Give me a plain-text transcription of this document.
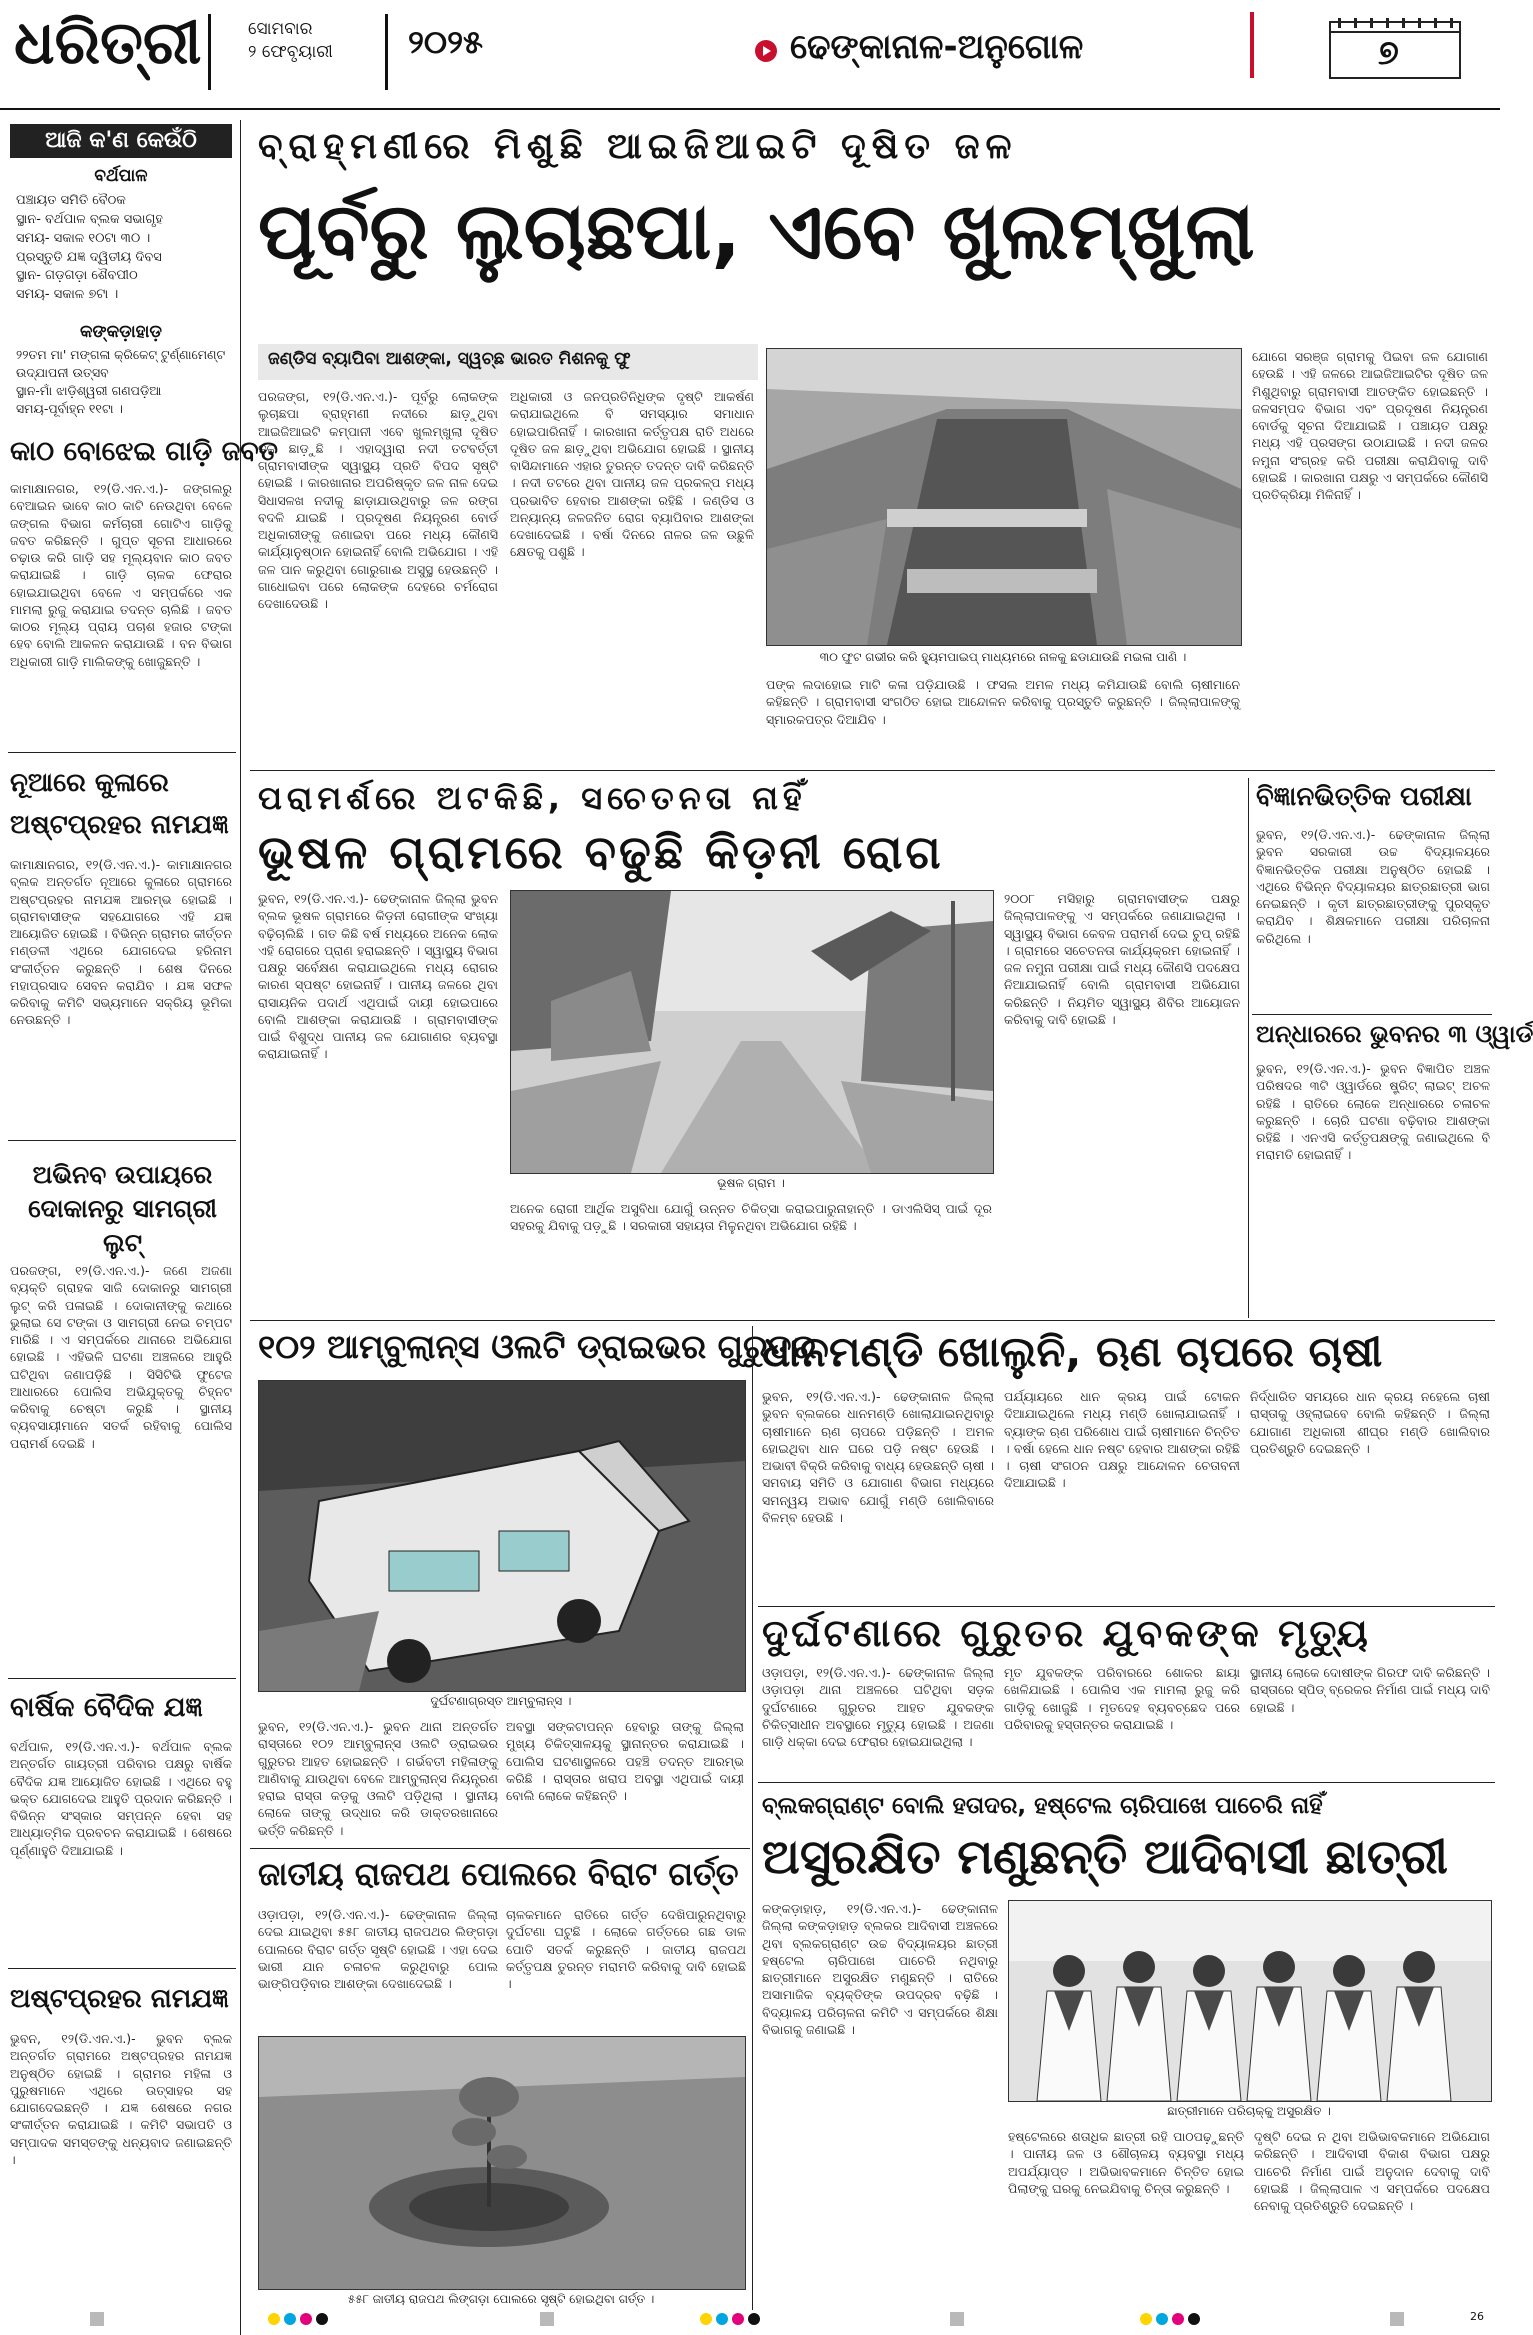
ଧରିତ୍ରୀ	ସୋମବାର
୨ ଫେବୃୟାରୀ ୨୦୨୫	ଢେଙ୍କାନାଳ-ଅନୁଗୋଳ	୭
ଆଜି କ'ଣ କେଉଁଠି
ବର୍ଥପାଳ
ପଞ୍ଚାୟତ ସମିତି ବୈଠକ
ସ୍ଥାନ- ବର୍ଥପାଳ ବ୍ଲକ ସଭାଗୃହ
ସମୟ- ସକାଳ ୧୦ଟା ୩୦ ।
ପ୍ରସ୍ତୁତି ଯଜ୍ଞ ଦ୍ୱିତୀୟ ଦିବସ
ସ୍ଥାନ- ଗଡ଼ଗଡ଼ା ଶୈବପୀଠ
ସମୟ- ସକାଳ ୭ଟା ।
କଙ୍କଡ଼ାହାଡ଼
୨୨ତମ ମା' ମଙ୍ଗଳା କ୍ରିକେଟ୍ ଟୁର୍ଣ୍ଣାମେଣ୍ଟ
ଉଦ୍ଯାପନୀ ଉତ୍ସବ
ସ୍ଥାନ-ମାଁ ଝାଡ଼ିଶ୍ୱରୀ ଗଣପଡ଼ିଆ
ସମୟ-ପୂର୍ବାହ୍ନ ୧୧ଟା ।
କାଠ ବୋଝେଇ ଗାଡ଼ି ଜବତ
କାମାକ୍ଷାନଗର, ୧୨(ଡି.ଏନ.ଏ.)- ଜଙ୍ଗଲରୁ ବେଆଇନ ଭାବେ କାଠ କାଟି ନେଉଥିବା ବେଳେ ଜଙ୍ଗଲ ବିଭାଗ କର୍ମଚାରୀ ଗୋଟିଏ ଗାଡ଼ିକୁ ଜବତ କରିଛନ୍ତି । ଗୁପ୍ତ ସୂଚନା ଆଧାରରେ ଚଢ଼ାଉ କରି ଗାଡ଼ି ସହ ମୂଲ୍ୟବାନ କାଠ ଜବତ କରାଯାଇଛି । ଗାଡ଼ି ଚାଳକ ଫେରାର ହୋଇଯାଇଥିବା ବେଳେ ଏ ସମ୍ପର୍କରେ ଏକ ମାମଲା ରୁଜୁ କରାଯାଇ ତଦନ୍ତ ଚାଲିଛି । ଜବତ କାଠର ମୂଲ୍ୟ ପ୍ରାୟ ପଚାଶ ହଜାର ଟଙ୍କା ହେବ ବୋଲି ଆକଳନ କରାଯାଉଛି । ବନ ବିଭାଗ ଅଧିକାରୀ ଗାଡ଼ି ମାଲିକଙ୍କୁ ଖୋଜୁଛନ୍ତି ।
ନୂଆରେ କୁଳାରେ
ଅଷ୍ଟପ୍ରହର ନାମଯଜ୍ଞ
କାମାକ୍ଷାନଗର, ୧୨(ଡି.ଏନ.ଏ.)- କାମାକ୍ଷାନଗର ବ୍ଲକ ଅନ୍ତର୍ଗତ ନୂଆରେ କୁଳାରେ ଗ୍ରାମରେ ଅଷ୍ଟପ୍ରହର ନାମଯଜ୍ଞ ଆରମ୍ଭ ହୋଇଛି । ଗ୍ରାମବାସୀଙ୍କ ସହଯୋଗରେ ଏହି ଯଜ୍ଞ ଆୟୋଜିତ ହୋଇଛି । ବିଭିନ୍ନ ଗ୍ରାମର କୀର୍ତ୍ତନ ମଣ୍ଡଳୀ ଏଥିରେ ଯୋଗଦେଇ ହରିନାମ ସଂକୀର୍ତ୍ତନ କରୁଛନ୍ତି । ଶେଷ ଦିନରେ ମହାପ୍ରସାଦ ସେବନ କରାଯିବ । ଯଜ୍ଞ ସଫଳ କରିବାକୁ କମିଟି ସଭ୍ୟମାନେ ସକ୍ରିୟ ଭୂମିକା ନେଉଛନ୍ତି ।
ଅଭିନବ ଉପାୟରେ ଦୋକାନରୁ ସାମଗ୍ରୀ ଲୁଟ୍
ପରଜଙ୍ଗ, ୧୨(ଡି.ଏନ.ଏ.)- ଜଣେ ଅଜଣା ବ୍ୟକ୍ତି ଗ୍ରାହକ ସାଜି ଦୋକାନରୁ ସାମଗ୍ରୀ ଲୁଟ୍ କରି ପଳାଇଛି । ଦୋକାନୀଙ୍କୁ କଥାରେ ଭୁଲାଇ ସେ ଟଙ୍କା ଓ ସାମଗ୍ରୀ ନେଇ ଚମ୍ପଟ ମାରିଛି । ଏ ସମ୍ପର୍କରେ ଥାନାରେ ଅଭିଯୋଗ ହୋଇଛି । ଏହିଭଳି ଘଟଣା ଅଞ୍ଚଳରେ ଆହୁରି ଘଟିଥିବା ଜଣାପଡ଼ିଛି । ସିସିଟିଭି ଫୁଟେଜ ଆଧାରରେ ପୋଲିସ ଅଭିଯୁକ୍ତକୁ ଚିହ୍ନଟ କରିବାକୁ ଚେଷ୍ଟା କରୁଛି । ସ୍ଥାନୀୟ ବ୍ୟବସାୟୀମାନେ ସତର୍କ ରହିବାକୁ ପୋଲିସ ପରାମର୍ଶ ଦେଇଛି ।
ବାର୍ଷିକ ବୈଦିକ ଯଜ୍ଞ
ବର୍ଥପାଳ, ୧୨(ଡି.ଏନ.ଏ.)- ବର୍ଥପାଳ ବ୍ଲକ ଅନ୍ତର୍ଗତ ଗାୟତ୍ରୀ ପରିବାର ପକ୍ଷରୁ ବାର୍ଷିକ ବୈଦିକ ଯଜ୍ଞ ଆୟୋଜିତ ହୋଇଛି । ଏଥିରେ ବହୁ ଭକ୍ତ ଯୋଗଦେଇ ଆହୁତି ପ୍ରଦାନ କରିଛନ୍ତି । ବିଭିନ୍ନ ସଂସ୍କାର ସମ୍ପନ୍ନ ହେବା ସହ ଆଧ୍ୟାତ୍ମିକ ପ୍ରବଚନ କରାଯାଇଛି । ଶେଷରେ ପୂର୍ଣ୍ଣାହୁତି ଦିଆଯାଇଛି ।
ଅଷ୍ଟପ୍ରହର ନାମଯଜ୍ଞ
ଭୁବନ, ୧୨(ଡି.ଏନ.ଏ.)- ଭୁବନ ବ୍ଲକ ଅନ୍ତର୍ଗତ ଗ୍ରାମରେ ଅଷ୍ଟପ୍ରହର ନାମଯଜ୍ଞ ଅନୁଷ୍ଠିତ ହୋଇଛି । ଗ୍ରାମର ମହିଳା ଓ ପୁରୁଷମାନେ ଏଥିରେ ଉତ୍ସାହର ସହ ଯୋଗଦେଇଛନ୍ତି । ଯଜ୍ଞ ଶେଷରେ ନଗର ସଂକୀର୍ତ୍ତନ କରାଯାଇଛି । କମିଟି ସଭାପତି ଓ ସମ୍ପାଦକ ସମସ୍ତଙ୍କୁ ଧନ୍ୟବାଦ ଜଣାଇଛନ୍ତି ।
ବ୍ରାହ୍ମଣୀରେ ମିଶୁଛି ଆଇଜିଆଇଟି ଦୂଷିତ ଜଳ
ପୂର୍ବରୁ ଲୁଚାଛପା, ଏବେ ଖୁଲମ୍‌ଖୁଲା
ଜଣ୍ଡିସ ବ୍ୟାପିବା ଆଶଙ୍କା, ସ୍ୱଚ୍ଛ ଭାରତ ମିଶନକୁ ଫୁ
ପରଜଙ୍ଗ, ୧୨(ଡି.ଏନ.ଏ.)- ପୂର୍ବରୁ ଲୋକଙ୍କ ଲୁଚାଛପା ବ୍ରାହ୍ମଣୀ ନଦୀରେ ଛାଡ଼ୁଥିବା ଆଇଜିଆଇଟି କମ୍ପାନୀ ଏବେ ଖୁଲମ୍‌ଖୁଲା ଦୂଷିତ ଜଳ ଛାଡ଼ୁଛି । ଏହାଦ୍ୱାରା ନଦୀ ତଟବର୍ତ୍ତୀ ଗ୍ରାମବାସୀଙ୍କ ସ୍ୱାସ୍ଥ୍ୟ ପ୍ରତି ବିପଦ ସୃଷ୍ଟି ହୋଇଛି । କାରଖାନାର ଅପରିଷ୍କୃତ ଜଳ ନାଳ ଦେଇ ସିଧାସଳଖ ନଦୀକୁ ଛାଡ଼ାଯାଉଥିବାରୁ ଜଳ ରଙ୍ଗ ବଦଳି ଯାଇଛି । ପ୍ରଦୂଷଣ ନିୟନ୍ତ୍ରଣ ବୋର୍ଡ ଅଧିକାରୀଙ୍କୁ ଜଣାଇବା ପରେ ମଧ୍ୟ କୌଣସି କାର୍ଯ୍ୟାନୁଷ୍ଠାନ ହୋଇନାହିଁ ବୋଲି ଅଭିଯୋଗ । ଏହି ଜଳ ପାନ କରୁଥିବା ଗୋରୁଗାଈ ଅସୁସ୍ଥ ହେଉଛନ୍ତି । ଗାଧୋଇବା ପରେ ଲୋକଙ୍କ ଦେହରେ ଚର୍ମରୋଗ ଦେଖାଦେଉଛି ।
ଅଧିକାରୀ ଓ ଜନପ୍ରତିନିଧିଙ୍କ ଦୃଷ୍ଟି ଆକର୍ଷଣ କରାଯାଇଥିଲେ ବି ସମସ୍ୟାର ସମାଧାନ ହୋଇପାରିନାହିଁ । କାରଖାନା କର୍ତ୍ତୃପକ୍ଷ ରାତି ଅଧରେ ଦୂଷିତ ଜଳ ଛାଡ଼ୁଥିବା ଅଭିଯୋଗ ହୋଇଛି । ସ୍ଥାନୀୟ ବାସିନ୍ଦାମାନେ ଏହାର ତୁରନ୍ତ ତଦନ୍ତ ଦାବି କରିଛନ୍ତି । ନଦୀ ତଟରେ ଥିବା ପାନୀୟ ଜଳ ପ୍ରକଳ୍ପ ମଧ୍ୟ ପ୍ରଭାବିତ ହେବାର ଆଶଙ୍କା ରହିଛି । ଜଣ୍ଡିସ ଓ ଅନ୍ୟାନ୍ୟ ଜଳଜନିତ ରୋଗ ବ୍ୟାପିବାର ଆଶଙ୍କା ଦେଖାଦେଇଛି । ବର୍ଷା ଦିନରେ ନାଳର ଜଳ ଉଛୁଳି କ୍ଷେତକୁ ପଶୁଛି ।
୩୦ ଫୁଟ ଗଭୀର କରି ହ୍ୟୁମପାଇପ୍ ମାଧ୍ୟମରେ ନାଳକୁ ଛଡାଯାଉଛି ମଇଳା ପାଣି ।
ପଙ୍କ ଲଦାହୋଇ ମାଟି କଳା ପଡ଼ିଯାଉଛି । ଫସଲ ଅମଳ ମଧ୍ୟ କମିଯାଉଛି ବୋଲି ଚାଷୀମାନେ କହିଛନ୍ତି । ଗ୍ରାମବାସୀ ସଂଗଠିତ ହୋଇ ଆନ୍ଦୋଳନ କରିବାକୁ ପ୍ରସ୍ତୁତି କରୁଛନ୍ତି । ଜିଲ୍ଲାପାଳଙ୍କୁ ସ୍ମାରକପତ୍ର ଦିଆଯିବ ।
ଯୋଗେ ସରଞ୍ଜ ଗ୍ରାମକୁ ପିଇବା ଜଳ ଯୋଗାଣ ହେଉଛି । ଏହି ଜଳରେ ଆଇଜିଆଇଟିର ଦୂଷିତ ଜଳ ମିଶୁଥିବାରୁ ଗ୍ରାମବାସୀ ଆତଙ୍କିତ ହୋଇଛନ୍ତି । ଜଳସମ୍ପଦ ବିଭାଗ ଏବଂ ପ୍ରଦୂଷଣ ନିୟନ୍ତ୍ରଣ ବୋର୍ଡକୁ ସୂଚନା ଦିଆଯାଇଛି । ପଞ୍ଚାୟତ ପକ୍ଷରୁ ମଧ୍ୟ ଏହି ପ୍ରସଙ୍ଗ ଉଠାଯାଇଛି । ନଦୀ ଜଳର ନମୁନା ସଂଗ୍ରହ କରି ପରୀକ୍ଷା କରାଯିବାକୁ ଦାବି ହୋଇଛି । କାରଖାନା ପକ୍ଷରୁ ଏ ସମ୍ପର୍କରେ କୌଣସି ପ୍ରତିକ୍ରିୟା ମିଳିନାହିଁ ।
ପରାମର୍ଶରେ ଅଟକିଛି, ସଚେତନତା ନାହିଁ
ଭୂଷଳ ଗ୍ରାମରେ ବଢୁଛି କିଡ଼ନୀ ରୋଗ
ଭୁବନ, ୧୨(ଡି.ଏନ.ଏ.)- ଢେଙ୍କାନାଳ ଜିଲ୍ଲା ଭୁବନ ବ୍ଲକ ଭୂଷଳ ଗ୍ରାମରେ କିଡ଼ନୀ ରୋଗୀଙ୍କ ସଂଖ୍ୟା ବଢ଼ିଚାଲିଛି । ଗତ କିଛି ବର୍ଷ ମଧ୍ୟରେ ଅନେକ ଲୋକ ଏହି ରୋଗରେ ପ୍ରାଣ ହରାଇଛନ୍ତି । ସ୍ୱାସ୍ଥ୍ୟ ବିଭାଗ ପକ୍ଷରୁ ସର୍ବେକ୍ଷଣ କରାଯାଇଥିଲେ ମଧ୍ୟ ରୋଗର କାରଣ ସ୍ପଷ୍ଟ ହୋଇନାହିଁ । ପାନୀୟ ଜଳରେ ଥିବା ରାସାୟନିକ ପଦାର୍ଥ ଏଥିପାଇଁ ଦାୟୀ ହୋଇପାରେ ବୋଲି ଆଶଙ୍କା କରାଯାଉଛି । ଗ୍ରାମବାସୀଙ୍କ ପାଇଁ ବିଶୁଦ୍ଧ ପାନୀୟ ଜଳ ଯୋଗାଣର ବ୍ୟବସ୍ଥା କରାଯାଇନାହିଁ ।
ଭୂଷଳ ଗ୍ରାମ ।
ଅନେକ ରୋଗୀ ଆର୍ଥିକ ଅସୁବିଧା ଯୋଗୁଁ ଉନ୍ନତ ଚିକିତ୍ସା କରାଇପାରୁନାହାନ୍ତି । ଡାଏଲିସିସ୍ ପାଇଁ ଦୂର ସହରକୁ ଯିବାକୁ ପଡ଼ୁଛି । ସରକାରୀ ସହାୟତା ମିଳୁନଥିବା ଅଭିଯୋଗ ରହିଛି ।
୨୦୦୮ ମସିହାରୁ ଗ୍ରାମବାସୀଙ୍କ ପକ୍ଷରୁ ଜିଲ୍ଲାପାଳଙ୍କୁ ଏ ସମ୍ପର୍କରେ ଜଣାଯାଇଥିଲା । ସ୍ୱାସ୍ଥ୍ୟ ବିଭାଗ କେବଳ ପରାମର୍ଶ ଦେଇ ଚୁପ୍ ରହିଛି । ଗ୍ରାମରେ ସଚେତନତା କାର୍ଯ୍ୟକ୍ରମ ହୋଇନାହିଁ । ଜଳ ନମୁନା ପରୀକ୍ଷା ପାଇଁ ମଧ୍ୟ କୌଣସି ପଦକ୍ଷେପ ନିଆଯାଇନାହିଁ ବୋଲି ଗ୍ରାମବାସୀ ଅଭିଯୋଗ କରିଛନ୍ତି । ନିୟମିତ ସ୍ୱାସ୍ଥ୍ୟ ଶିବିର ଆୟୋଜନ କରିବାକୁ ଦାବି ହୋଇଛି ।
ବିଜ୍ଞାନଭିତ୍ତିକ ପରୀକ୍ଷା
ଭୁବନ, ୧୨(ଡି.ଏନ.ଏ.)- ଢେଙ୍କାନାଳ ଜିଲ୍ଲା ଭୁବନ ସରକାରୀ ଉଚ୍ଚ ବିଦ୍ୟାଳୟରେ ବିଜ୍ଞାନଭିତ୍ତିକ ପରୀକ୍ଷା ଅନୁଷ୍ଠିତ ହୋଇଛି । ଏଥିରେ ବିଭିନ୍ନ ବିଦ୍ୟାଳୟର ଛାତ୍ରଛାତ୍ରୀ ଭାଗ ନେଇଛନ୍ତି । କୃତୀ ଛାତ୍ରଛାତ୍ରୀଙ୍କୁ ପୁରସ୍କୃତ କରାଯିବ । ଶିକ୍ଷକମାନେ ପରୀକ୍ଷା ପରିଚାଳନା କରିଥିଲେ ।
ଅନ୍ଧାରରେ ଭୁବନର ୩ ଓ୍ୱାର୍ଡ
ଭୁବନ, ୧୨(ଡି.ଏନ.ଏ.)- ଭୁବନ ବିଜ୍ଞାପିତ ଅଞ୍ଚଳ ପରିଷଦର ୩ଟି ଓ୍ୱାର୍ଡରେ ଷ୍ଟ୍ରିଟ୍ ଲାଇଟ୍ ଅଚଳ ରହିଛି । ରାତିରେ ଲୋକେ ଅନ୍ଧାରରେ ଚଳାଚଳ କରୁଛନ୍ତି । ଚୋରି ଘଟଣା ବଢ଼ିବାର ଆଶଙ୍କା ରହିଛି । ଏନଏସି କର୍ତ୍ତୃପକ୍ଷଙ୍କୁ ଜଣାଇଥିଲେ ବି ମରାମତି ହୋଇନାହିଁ ।
୧୦୨ ଆମ୍ବୁଲାନ୍ସ ଓଲଟି ଡ୍ରାଇଭର ଗୁରୁତର
ଦୁର୍ଘଟଣାଗ୍ରସ୍ତ ଆମ୍ବୁଲାନ୍ସ ।
ଭୁବନ, ୧୨(ଡି.ଏନ.ଏ.)- ଭୁବନ ଥାନା ଅନ୍ତର୍ଗତ ରାସ୍ତାରେ ୧୦୨ ଆମ୍ବୁଲାନ୍ସ ଓଲଟି ଡ୍ରାଇଭର ଗୁରୁତର ଆହତ ହୋଇଛନ୍ତି । ଗର୍ଭବତୀ ମହିଳାଙ୍କୁ ଆଣିବାକୁ ଯାଉଥିବା ବେଳେ ଆମ୍ବୁଲାନ୍ସ ନିୟନ୍ତ୍ରଣ ହରାଇ ରାସ୍ତା କଡ଼କୁ ଓଲଟି ପଡ଼ିଥିଲା । ସ୍ଥାନୀୟ ଲୋକେ ତାଙ୍କୁ ଉଦ୍ଧାର କରି ଡାକ୍ତରଖାନାରେ ଭର୍ତ୍ତି କରିଛନ୍ତି ।
ଅବସ୍ଥା ସଙ୍କଟାପନ୍ନ ହେବାରୁ ତାଙ୍କୁ ଜିଲ୍ଲା ମୁଖ୍ୟ ଚିକିତ୍ସାଳୟକୁ ସ୍ଥାନାନ୍ତର କରାଯାଇଛି । ପୋଲିସ ଘଟଣାସ୍ଥଳରେ ପହଞ୍ଚି ତଦନ୍ତ ଆରମ୍ଭ କରିଛି । ରାସ୍ତାର ଖରାପ ଅବସ୍ଥା ଏଥିପାଇଁ ଦାୟୀ ବୋଲି ଲୋକେ କହିଛନ୍ତି ।
ଧାନମଣ୍ଡି ଖୋଲୁନି, ଋଣ ଚାପରେ ଚାଷୀ
ଭୁବନ, ୧୨(ଡି.ଏନ.ଏ.)- ଢେଙ୍କାନାଳ ଜିଲ୍ଲା ଭୁବନ ବ୍ଲକରେ ଧାନମଣ୍ଡି ଖୋଲାଯାଇନଥିବାରୁ ଚାଷୀମାନେ ଋଣ ଚାପରେ ପଡ଼ିଛନ୍ତି । ଅମଳ ହୋଇଥିବା ଧାନ ଘରେ ପଡ଼ି ନଷ୍ଟ ହେଉଛି । ଅଭାବୀ ବିକ୍ରି କରିବାକୁ ବାଧ୍ୟ ହେଉଛନ୍ତି ଚାଷୀ । ସମବାୟ ସମିତି ଓ ଯୋଗାଣ ବିଭାଗ ମଧ୍ୟରେ ସମନ୍ୱୟ ଅଭାବ ଯୋଗୁଁ ମଣ୍ଡି ଖୋଲିବାରେ ବିଳମ୍ବ ହେଉଛି ।
ପର୍ଯ୍ୟାୟରେ ଧାନ କ୍ରୟ ପାଇଁ ଟୋକନ ଦିଆଯାଇଥିଲେ ମଧ୍ୟ ମଣ୍ଡି ଖୋଲାଯାଇନାହିଁ । ବ୍ୟାଙ୍କ ଋଣ ପରିଶୋଧ ପାଇଁ ଚାଷୀମାନେ ଚିନ୍ତିତ । ବର୍ଷା ହେଲେ ଧାନ ନଷ୍ଟ ହେବାର ଆଶଙ୍କା ରହିଛି । ଚାଷୀ ସଂଗଠନ ପକ୍ଷରୁ ଆନ୍ଦୋଳନ ଚେତାବନୀ ଦିଆଯାଇଛି ।
ନିର୍ଦ୍ଧାରିତ ସମୟରେ ଧାନ କ୍ରୟ ନହେଲେ ଚାଷୀ ରାସ୍ତାକୁ ଓହ୍ଲାଇବେ ବୋଲି କହିଛନ୍ତି । ଜିଲ୍ଲା ଯୋଗାଣ ଅଧିକାରୀ ଶୀଘ୍ର ମଣ୍ଡି ଖୋଲିବାର ପ୍ରତିଶ୍ରୁତି ଦେଇଛନ୍ତି ।
ଦୁର୍ଘଟଣାରେ ଗୁରୁତର ଯୁବକଙ୍କ ମୃତ୍ୟୁ
ଓଡ଼ାପଡ଼ା, ୧୨(ଡି.ଏନ.ଏ.)- ଢେଙ୍କାନାଳ ଜିଲ୍ଲା ଓଡ଼ାପଡ଼ା ଥାନା ଅଞ୍ଚଳରେ ଘଟିଥିବା ସଡ଼କ ଦୁର୍ଘଟଣାରେ ଗୁରୁତର ଆହତ ଯୁବକଙ୍କ ଚିକିତ୍ସାଧୀନ ଅବସ୍ଥାରେ ମୃତ୍ୟୁ ହୋଇଛି । ଅଜଣା ଗାଡ଼ି ଧକ୍କା ଦେଇ ଫେରାର ହୋଇଯାଇଥିଲା ।
ମୃତ ଯୁବକଙ୍କ ପରିବାରରେ ଶୋକର ଛାୟା ଖେଳିଯାଇଛି । ପୋଲିସ ଏକ ମାମଲା ରୁଜୁ କରି ଗାଡ଼ିକୁ ଖୋଜୁଛି । ମୃତଦେହ ବ୍ୟବଚ୍ଛେଦ ପରେ ପରିବାରକୁ ହସ୍ତାନ୍ତର କରାଯାଇଛି ।
ସ୍ଥାନୀୟ ଲୋକେ ଦୋଷୀଙ୍କ ଗିରଫ ଦାବି କରିଛନ୍ତି । ରାସ୍ତାରେ ସ୍ପିଡ୍ ବ୍ରେକର ନିର୍ମାଣ ପାଇଁ ମଧ୍ୟ ଦାବି ହୋଇଛି ।
ଜାତୀୟ ରାଜପଥ ପୋଲରେ ବିରାଟ ଗର୍ତ୍ତ
ଓଡ଼ାପଡ଼ା, ୧୨(ଡି.ଏନ.ଏ.)- ଢେଙ୍କାନାଳ ଜିଲ୍ଲା ଦେଇ ଯାଇଥିବା ୫୫୮ ଜାତୀୟ ରାଜପଥର ଲିଙ୍ଗଡ଼ା ପୋଲରେ ବିରାଟ ଗର୍ତ୍ତ ସୃଷ୍ଟି ହୋଇଛି । ଏହା ଦେଇ ଭାରୀ ଯାନ ଚଳାଚଳ କରୁଥିବାରୁ ପୋଲ ଭାଙ୍ଗିପଡ଼ିବାର ଆଶଙ୍କା ଦେଖାଦେଇଛି ।
ଚାଳକମାନେ ରାତିରେ ଗର୍ତ୍ତ ଦେଖିପାରୁନଥିବାରୁ ଦୁର୍ଘଟଣା ଘଟୁଛି । ଲୋକେ ଗର୍ତ୍ତରେ ଗଛ ଡାଳ ପୋତି ସତର୍କ କରୁଛନ୍ତି । ଜାତୀୟ ରାଜପଥ କର୍ତ୍ତୃପକ୍ଷ ତୁରନ୍ତ ମରାମତି କରିବାକୁ ଦାବି ହୋଇଛି ।
୫୫୮ ଜାତୀୟ ରାଜପଥ ଲିଙ୍ଗଡ଼ା ପୋଲରେ ସୃଷ୍ଟି ହୋଇଥିବା ଗର୍ତ୍ତ ।
ବ୍ଲକଗ୍ରାଣ୍ଟ ବୋଲି ହତାଦର, ହଷ୍ଟେଲ ଚାରିପାଖେ ପାଚେରି ନାହିଁ
ଅସୁରକ୍ଷିତ ମଣୁଛନ୍ତି ଆଦିବାସୀ ଛାତ୍ରୀ
କଙ୍କଡ଼ାହାଡ଼, ୧୨(ଡି.ଏନ.ଏ.)- ଢେଙ୍କାନାଳ ଜିଲ୍ଲା କଙ୍କଡ଼ାହାଡ଼ ବ୍ଲକର ଆଦିବାସୀ ଅଞ୍ଚଳରେ ଥିବା ବ୍ଲକଗ୍ରାଣ୍ଟ ଉଚ୍ଚ ବିଦ୍ୟାଳୟର ଛାତ୍ରୀ ହଷ୍ଟେଲ ଚାରିପାଖେ ପାଚେରି ନଥିବାରୁ ଛାତ୍ରୀମାନେ ଅସୁରକ୍ଷିତ ମଣୁଛନ୍ତି । ରାତିରେ ଅସାମାଜିକ ବ୍ୟକ୍ତିଙ୍କ ଉପଦ୍ରବ ବଢ଼ିଛି । ବିଦ୍ୟାଳୟ ପରିଚାଳନା କମିଟି ଏ ସମ୍ପର୍କରେ ଶିକ୍ଷା ବିଭାଗକୁ ଜଣାଇଛି ।
ଛାତ୍ରୀମାନେ ପରିଚାକ୍କୁ ଅସୁରକ୍ଷିତ ।
ହଷ୍ଟେଲରେ ଶତାଧିକ ଛାତ୍ରୀ ରହି ପାଠପଢ଼ୁଛନ୍ତି । ପାନୀୟ ଜଳ ଓ ଶୌଚାଳୟ ବ୍ୟବସ୍ଥା ମଧ୍ୟ ଅପର୍ଯ୍ୟାପ୍ତ । ଅଭିଭାବକମାନେ ଚିନ୍ତିତ ହୋଇ ପିଲାଙ୍କୁ ଘରକୁ ନେଇଯିବାକୁ ଚିନ୍ତା କରୁଛନ୍ତି ।
ଦୃଷ୍ଟି ଦେଇ ନ ଥିବା ଅଭିଭାବକମାନେ ଅଭିଯୋଗ କରିଛନ୍ତି । ଆଦିବାସୀ ବିକାଶ ବିଭାଗ ପକ୍ଷରୁ ପାଚେରି ନିର୍ମାଣ ପାଇଁ ଅନୁଦାନ ଦେବାକୁ ଦାବି ହୋଇଛି । ଜିଲ୍ଲାପାଳ ଏ ସମ୍ପର୍କରେ ପଦକ୍ଷେପ ନେବାକୁ ପ୍ରତିଶ୍ରୁତି ଦେଇଛନ୍ତି ।
26
